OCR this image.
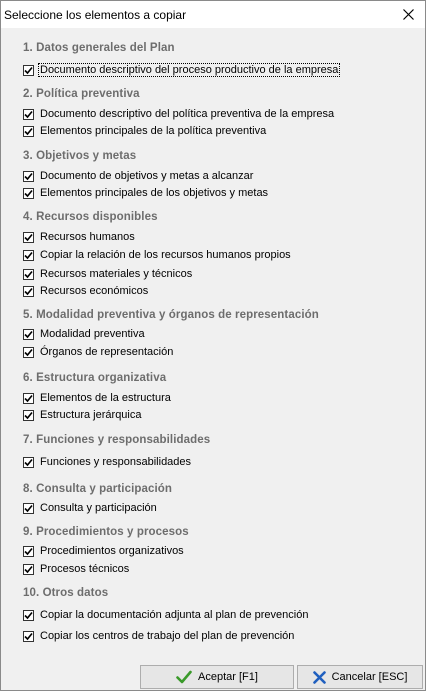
Seleccione los elementos a copiar
1. Datos generales del Plan
Documento descriptivo del proceso productivo de la empresa
2. Política preventiva
Documento descriptivo del política preventiva de la empresa
Elementos principales de la política preventiva
3. Objetivos y metas
Documento de objetivos y metas a alcanzar
Elementos principales de los objetivos y metas
4. Recursos disponibles
Recursos humanos
Copiar la relación de los recursos humanos propios
Recursos materiales y técnicos
Recursos económicos
5. Modalidad preventiva y órganos de representación
Modalidad preventiva
Órganos de representación
6. Estructura organizativa
Elementos de la estructura
Estructura jerárquica
7. Funciones y responsabilidades
Funciones y responsabilidades
8. Consulta y participación
Consulta y participación
9. Procedimientos y procesos
Procedimientos organizativos
Procesos técnicos
10. Otros datos
Copiar la documentación adjunta al plan de prevención
Copiar los centros de trabajo del plan de prevención
Aceptar [F1]	Cancelar [ESC]
